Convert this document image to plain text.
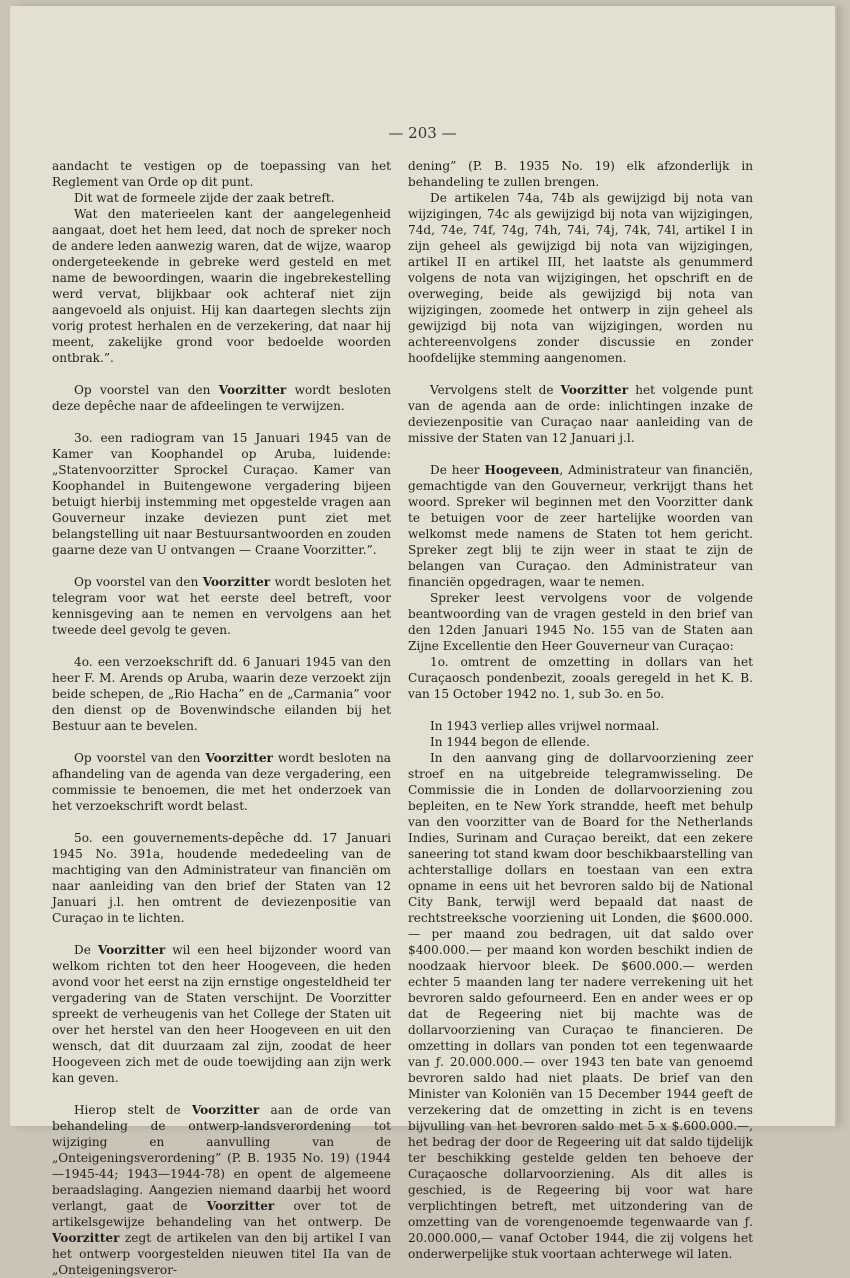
— 203 —

aandacht te vestigen op de toepassing van het Reglement van Orde op dit punt.

Dit wat de formeele zijde der zaak betreft.

Wat den materieelen kant der aangelegenheid aangaat, doet het hem leed, dat noch de spreker noch de andere leden aanwezig waren, dat de wijze, waarop ondergeteekende in gebreke werd gesteld en met name de bewoordingen, waarin die ingebrekestelling werd vervat, blijkbaar ook achteraf niet zijn aangevoeld als onjuist. Hij kan daartegen slechts zijn vorig protest herhalen en de verzekering, dat naar hij meent, zakelijke grond voor bedoelde woorden ontbrak.”.

Op voorstel van den Voorzitter wordt besloten deze depêche naar de afdeelingen te verwijzen.

3o. een radiogram van 15 Januari 1945 van de Kamer van Koophandel op Aruba, luidende: „Statenvoorzitter Sprockel Curaçao. Kamer van Koophandel in Buitengewone vergadering bijeen betuigt hierbij instemming met opgestelde vragen aan Gouverneur inzake deviezen punt ziet met belangstelling uit naar Bestuursantwoorden en zouden gaarne deze van U ontvangen — Craane Voorzitter.”.

Op voorstel van den Voorzitter wordt besloten het telegram voor wat het eerste deel betreft, voor kennisgeving aan te nemen en vervolgens aan het tweede deel gevolg te geven.

4o. een verzoekschrift dd. 6 Januari 1945 van den heer F. M. Arends op Aruba, waarin deze verzoekt zijn beide schepen, de „Rio Hacha” en de „Carmania” voor den dienst op de Bovenwindsche eilanden bij het Bestuur aan te bevelen.

Op voorstel van den Voorzitter wordt besloten na afhandeling van de agenda van deze vergadering, een commissie te benoemen, die met het onderzoek van het verzoekschrift wordt belast.

5o. een gouvernements-depêche dd. 17 Januari 1945 No. 391a, houdende mededeeling van de machtiging van den Administrateur van financiën om naar aanleiding van den brief der Staten van 12 Januari j.l. hen omtrent de deviezenpositie van Curaçao in te lichten.

De Voorzitter wil een heel bijzonder woord van welkom richten tot den heer Hoogeveen, die heden avond voor het eerst na zijn ernstige ongesteldheid ter vergadering van de Staten verschijnt. De Voorzitter spreekt de verheugenis van het College der Staten uit over het herstel van den heer Hoogeveen en uit den wensch, dat dit duurzaam zal zijn, zoodat de heer Hoogeveen zich met de oude toewijding aan zijn werk kan geven.

Hierop stelt de Voorzitter aan de orde van behandeling de ontwerp-landsverordening tot wijziging en aanvulling van de „Onteigeningsverordening” (P. B. 1935 No. 19) (1944—1945-44; 1943—1944-78) en opent de algemeene beraadslaging. Aangezien niemand daarbij het woord verlangt, gaat de Voorzitter over tot de artikelsgewijze behandeling van het ontwerp. De Voorzitter zegt de artikelen van den bij artikel I van het ontwerp voorgestelden nieuwen titel IIa van de „Onteigeningsveror-

dening” (P. B. 1935 No. 19) elk afzonderlijk in behandeling te zullen brengen.

De artikelen 74a, 74b als gewijzigd bij nota van wijzigingen, 74c als gewijzigd bij nota van wijzigingen, 74d, 74e, 74f, 74g, 74h, 74i, 74j, 74k, 74l, artikel I in zijn geheel als gewijzigd bij nota van wijzigingen, artikel II en artikel III, het laatste als genummerd volgens de nota van wijzigingen, het opschrift en de overweging, beide als gewijzigd bij nota van wijzigingen, zoomede het ontwerp in zijn geheel als gewijzigd bij nota van wijzigingen, worden nu achtereenvolgens zonder discussie en zonder hoofdelijke stemming aangenomen.

Vervolgens stelt de Voorzitter het volgende punt van de agenda aan de orde: inlichtingen inzake de deviezenpositie van Curaçao naar aanleiding van de missive der Staten van 12 Januari j.l.

De heer Hoogeveen, Administrateur van financiën, gemachtigde van den Gouverneur, verkrijgt thans het woord. Spreker wil beginnen met den Voorzitter dank te betuigen voor de zeer hartelijke woorden van welkomst mede namens de Staten tot hem gericht. Spreker zegt blij te zijn weer in staat te zijn de belangen van Curaçao. den Administrateur van financiën opgedragen, waar te nemen.

Spreker leest vervolgens voor de volgende beantwoording van de vragen gesteld in den brief van den 12den Januari 1945 No. 155 van de Staten aan Zijne Excellentie den Heer Gouverneur van Curaçao:

1o. omtrent de omzetting in dollars van het Curaçaosch pondenbezit, zooals geregeld in het K. B. van 15 October 1942 no. 1, sub 3o. en 5o.

In 1943 verliep alles vrijwel normaal.

In 1944 begon de ellende.

In den aanvang ging de dollarvoorziening zeer stroef en na uitgebreide telegramwisseling. De Commissie die in Londen de dollarvoorziening zou bepleiten, en te New York strandde, heeft met behulp van den voorzitter van de Board for the Netherlands Indies, Surinam and Curaçao bereikt, dat een zekere saneering tot stand kwam door beschikbaarstelling van achterstallige dollars en toestaan van een extra opname in eens uit het bevroren saldo bij de National City Bank, terwijl werd bepaald dat naast de rechtstreeksche voorziening uit Londen, die $600.000.— per maand zou bedragen, uit dat saldo over $400.000.— per maand kon worden beschikt indien de noodzaak hiervoor bleek. De $600.000.— werden echter 5 maanden lang ter nadere verrekening uit het bevroren saldo gefourneerd. Een en ander wees er op dat de Regeering niet bij machte was de dollarvoorziening van Curaçao te financieren. De omzetting in dollars van ponden tot een tegenwaarde van ƒ. 20.000.000.— over 1943 ten bate van genoemd bevroren saldo had niet plaats. De brief van den Minister van Koloniën van 15 December 1944 geeft de verzekering dat de omzetting in zicht is en tevens bijvulling van het bevroren saldo met 5 x $.600.000.—, het bedrag der door de Regeering uit dat saldo tijdelijk ter beschikking gestelde gelden ten behoeve der Curaçaosche dollarvoorziening. Als dit alles is geschied, is de Regeering bij voor wat hare verplichtingen betreft, met uitzondering van de omzetting van de vorengenoemde tegenwaarde van ƒ. 20.000.000,— vanaf October 1944, die zij volgens het onderwerpelijke stuk voortaan achterwege wil laten.
